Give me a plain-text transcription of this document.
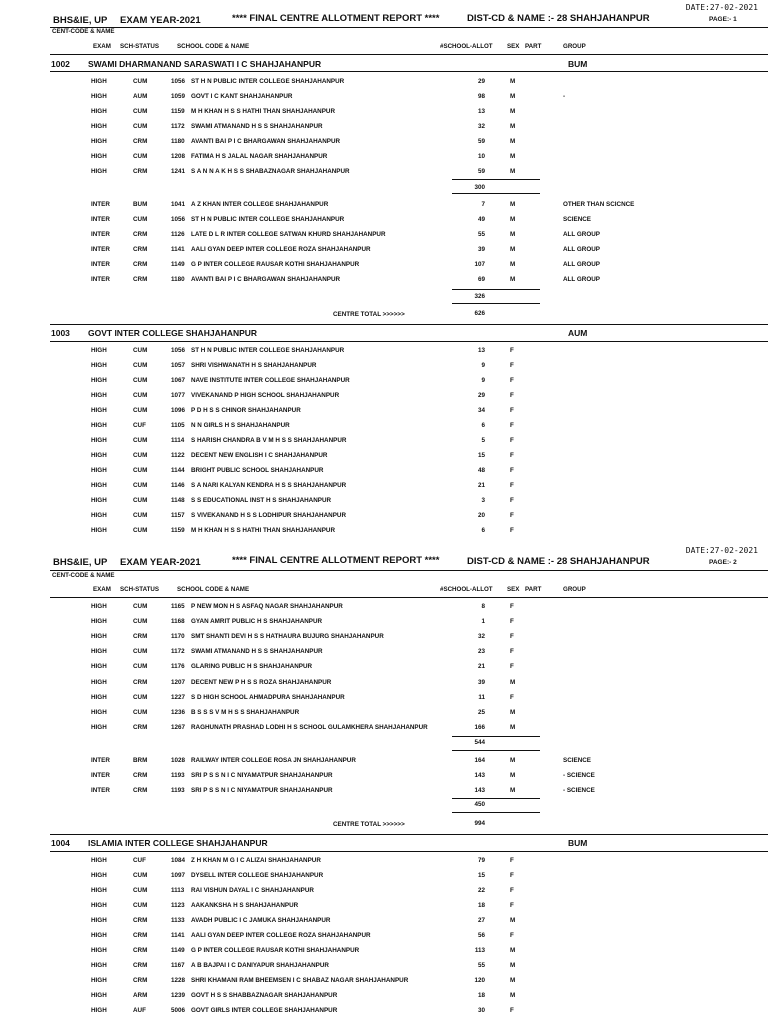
DATE:27-02-2021
BHS&IE, UP EXAM YEAR-2021	**** FINAL CENTRE ALLOTMENT REPORT ****	DIST-CD & NAME :- 28 SHAHJAHANPUR	PAGE:- 1
CENT-CODE & NAME
EXAM SCH-STATUS	SCHOOL CODE & NAME	#SCHOOL-ALLOT SEX PART	GROUP
1002 SWAMI DHARMANAND SARASWATI I C SHAHJAHANPUR	BUM
HIGH	CUM	1056 ST H N PUBLIC INTER COLLEGE SHAHJAHANPUR	29	M
HIGH	AUM	1059 GOVT I C KANT SHAHJAHANPUR	98	M	-
HIGH	CUM	1159 M H KHAN H S S HATHI THAN SHAHJAHANPUR	13	M
HIGH	CUM	1172 SWAMI ATMANAND H S S SHAHJAHANPUR	32	M
HIGH	CRM	1180 AVANTI BAI P I C BHARGAWAN SHAHJAHANPUR	59	M
HIGH	CUM	1208 FATIMA H S JALAL NAGAR SHAHJAHANPUR	10	M
HIGH	CRM	1241 S A N N A K H S S SHABAZNAGAR SHAHJAHANPUR	59	M
300
INTER	BUM	1041 A Z KHAN INTER COLLEGE SHAHJAHANPUR	7	M	OTHER THAN SCICNCE
INTER	CUM	1056 ST H N PUBLIC INTER COLLEGE SHAHJAHANPUR	49	M	SCIENCE
INTER	CRM	1126 LATE D L R INTER COLLEGE SATWAN KHURD SHAHJAHANPUR	55	M	ALL GROUP
INTER	CRM	1141 AALI GYAN DEEP INTER COLLEGE ROZA SHAHJAHANPUR	39	M	ALL GROUP
INTER	CRM	1149 G P INTER COLLEGE RAUSAR KOTHI SHAHJAHANPUR	107	M	ALL GROUP
INTER	CRM	1180 AVANTI BAI P I C BHARGAWAN SHAHJAHANPUR	69	M	ALL GROUP
326
CENTRE TOTAL >>>>>>	626
1003 GOVT INTER COLLEGE SHAHJAHANPUR	AUM
HIGH	CUM	1056 ST H N PUBLIC INTER COLLEGE SHAHJAHANPUR	13	F
HIGH	CUM	1057 SHRI VISHWANATH H S SHAHJAHANPUR	9	F
HIGH	CUM	1067 NAVE INSTITUTE INTER COLLEGE SHAHJAHANPUR	9	F
HIGH	CUM	1077 VIVEKANAND P HIGH SCHOOL SHAHJAHANPUR	29	F
HIGH	CUM	1096 P D H S S CHINOR SHAHJAHANPUR	34	F
HIGH	CUF	1105 N N GIRLS H S SHAHJAHANPUR	6	F
HIGH	CUM	1114 S HARISH CHANDRA B V M H S S SHAHJAHANPUR	5	F
HIGH	CUM	1122 DECENT NEW ENGLISH I C SHAHJAHANPUR	15	F
HIGH	CUM	1144 BRIGHT PUBLIC SCHOOL SHAHJAHANPUR	48	F
HIGH	CUM	1146 S A NARI KALYAN KENDRA H S S SHAHJAHANPUR	21	F
HIGH	CUM	1148 S S EDUCATIONAL INST H S SHAHJAHANPUR	3	F
HIGH	CUM	1157 S VIVEKANAND H S S LODHIPUR SHAHJAHANPUR	20	F
HIGH	CUM	1159 M H KHAN H S S HATHI THAN SHAHJAHANPUR	6	F
DATE:27-02-2021
BHS&IE, UP EXAM YEAR-2021	**** FINAL CENTRE ALLOTMENT REPORT ****	DIST-CD & NAME :- 28 SHAHJAHANPUR	PAGE:- 2
CENT-CODE & NAME
EXAM SCH-STATUS	SCHOOL CODE & NAME	#SCHOOL-ALLOT SEX PART	GROUP
HIGH	CUM	1165 P NEW MON H S ASFAQ NAGAR SHAHJAHANPUR	8	F
HIGH	CUM	1168 GYAN AMRIT PUBLIC H S SHAHJAHANPUR	1	F
HIGH	CRM	1170 SMT SHANTI DEVI H S S HATHAURA BUJURG SHAHJAHANPUR	32	F
HIGH	CUM	1172 SWAMI ATMANAND H S S SHAHJAHANPUR	23	F
HIGH	CUM	1176 GLARING PUBLIC H S SHAHJAHANPUR	21	F
HIGH	CRM	1207 DECENT NEW P H S S ROZA SHAHJAHANPUR	39	M
HIGH	CUM	1227 S D HIGH SCHOOL AHMADPURA SHAHJAHANPUR	11	F
HIGH	CUM	1236 B S S S V M H S S SHAHJAHANPUR	25	M
HIGH	CRM	1267 RAGHUNATH PRASHAD LODHI H S SCHOOL GULAMKHERA SHAHJAHANPUR	166	M
544
INTER	BRM	1028 RAILWAY INTER COLLEGE ROSA JN SHAHJAHANPUR	164	M	SCIENCE
INTER	CRM	1193 SRI P S S N I C NIYAMATPUR SHAHJAHANPUR	143	M	- SCIENCE
INTER	CRM	1193 SRI P S S N I C NIYAMATPUR SHAHJAHANPUR	143	M	- SCIENCE
450
CENTRE TOTAL >>>>>>	994
1004 ISLAMIA INTER COLLEGE SHAHJAHANPUR	BUM
HIGH	CUF	1084 Z H KHAN M G I C ALIZAI SHAHJAHANPUR	79	F
HIGH	CUM	1097 DYSELL INTER COLLEGE SHAHJAHANPUR	15	F
HIGH	CUM	1113 RAI VISHUN DAYAL I C SHAHJAHANPUR	22	F
HIGH	CUM	1123 AAKANKSHA H S SHAHJAHANPUR	18	F
HIGH	CRM	1133 AVADH PUBLIC I C JAMUKA SHAHJAHANPUR	27	M
HIGH	CRM	1141 AALI GYAN DEEP INTER COLLEGE ROZA SHAHJAHANPUR	56	F
HIGH	CRM	1149 G P INTER COLLEGE RAUSAR KOTHI SHAHJAHANPUR	113	M
HIGH	CRM	1167 A B BAJPAI I C DANIYAPUR SHAHJAHANPUR	55	M
HIGH	CRM	1228 SHRI KHAMANI RAM BHEEMSEN I C SHABAZ NAGAR SHAHJAHANPUR	120	M
HIGH	ARM	1239 GOVT H S S SHABBAZNAGAR SHAHJAHANPUR	18	M
HIGH	AUF	5006 GOVT GIRLS INTER COLLEGE SHAHJAHANPUR	30	F
